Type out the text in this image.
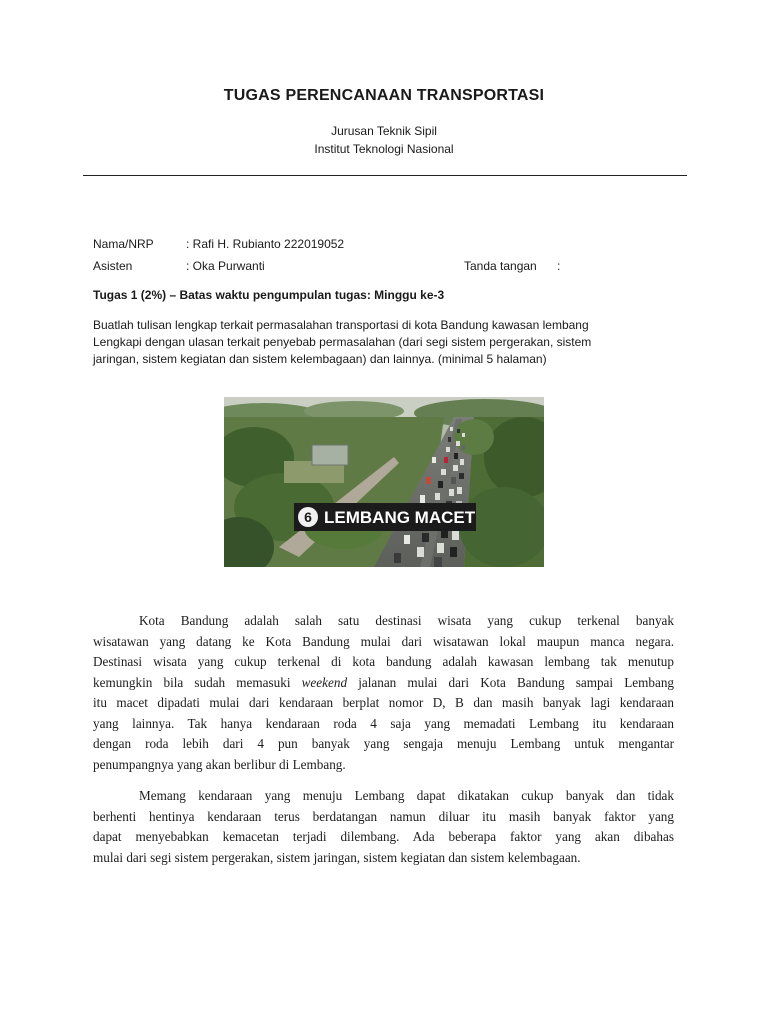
TUGAS PERENCANAAN TRANSPORTASI
Jurusan Teknik Sipil
Institut Teknologi Nasional
Nama/NRP	: Rafi H. Rubianto 222019052
Asisten	: Oka Purwanti	Tanda tangan :
Tugas 1 (2%) – Batas waktu pengumpulan tugas: Minggu ke-3
Buatlah tulisan lengkap terkait permasalahan transportasi di kota Bandung kawasan lembang
Lengkapi dengan ulasan terkait penyebab permasalahan (dari segi sistem pergerakan, sistem
jaringan, sistem kegiatan dan sistem kelembagaan) dan lainnya. (minimal 5 halaman)
6 LEMBANG MACET
Kota Bandung adalah salah satu destinasi wisata yang cukup terkenal banyak
wisatawan yang datang ke Kota Bandung mulai dari wisatawan lokal maupun manca negara.
Destinasi wisata yang cukup terkenal di kota bandung adalah kawasan lembang tak menutup
kemungkin bila sudah memasuki weekend jalanan mulai dari Kota Bandung sampai Lembang
itu macet dipadati mulai dari kendaraan berplat nomor D, B dan masih banyak lagi kendaraan
yang lainnya. Tak hanya kendaraan roda 4 saja yang memadati Lembang itu kendaraan
dengan roda lebih dari 4 pun banyak yang sengaja menuju Lembang untuk mengantar
penumpangnya yang akan berlibur di Lembang.
Memang kendaraan yang menuju Lembang dapat dikatakan cukup banyak dan tidak
berhenti hentinya kendaraan terus berdatangan namun diluar itu masih banyak faktor yang
dapat menyebabkan kemacetan terjadi dilembang. Ada beberapa faktor yang akan dibahas
mulai dari segi sistem pergerakan, sistem jaringan, sistem kegiatan dan sistem kelembagaan.
